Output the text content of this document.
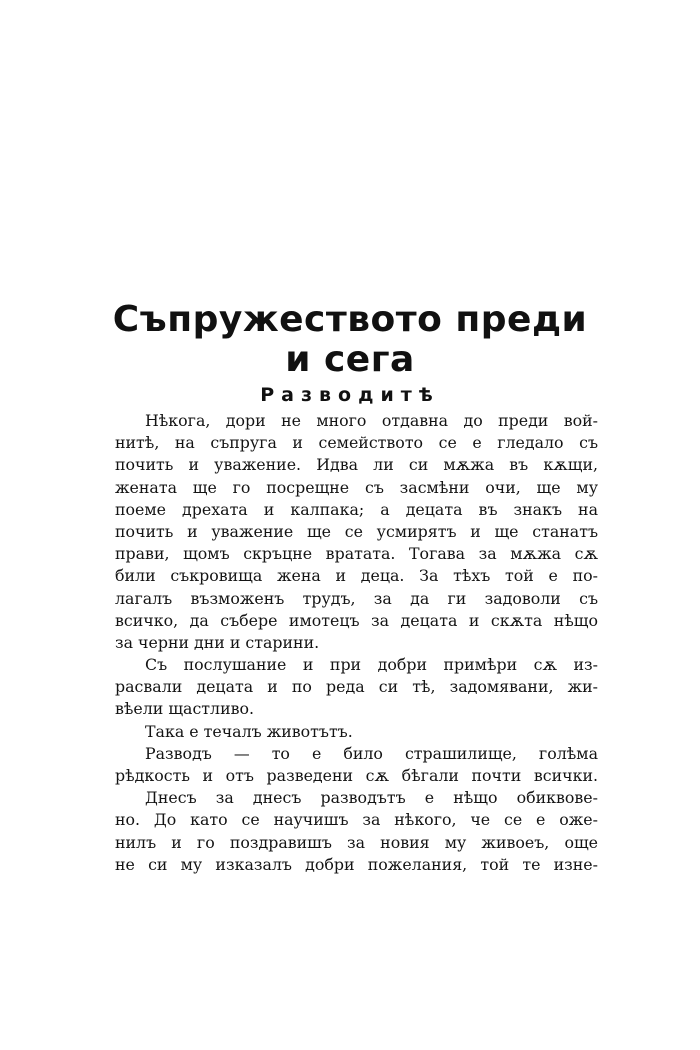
Съпружеството преди
и сега
Разводитѣ
Нѣкога, дори не много отдавна до преди вой-
нитѣ, на съпруга и семейството се е гледало съ
почить и уважение. Идва ли си мѫжа въ кѫщи,
жената ще го посрещне съ засмѣни очи, ще му
поеме дрехата и калпака; а децата въ знакъ на
почить и уважение ще се усмирятъ и ще станатъ
прави, щомъ скръцне вратата. Тогава за мѫжа сѫ
били съкровища жена и деца. За тѣхъ той е по-
лагалъ възможенъ трудъ, за да ги задоволи съ
всичко, да събере имотецъ за децата и скѫта нѣщо
за черни дни и старини.
Съ послушание и при добри примѣри сѫ из-
расвали децата и по реда си тѣ, задомявани, жи-
вѣели щастливо.
Така е течалъ животътъ.
Разводъ — то е било страшилище, голѣма
рѣдкость и отъ разведени сѫ бѣгали почти всички.
Днесъ за днесъ разводътъ е нѣщо обиквове-
но. До като се научишъ за нѣкого, че се е оже-
нилъ и го поздравишъ за новия му живоеъ, още
не си му изказалъ добри пожелания, той те изне-
